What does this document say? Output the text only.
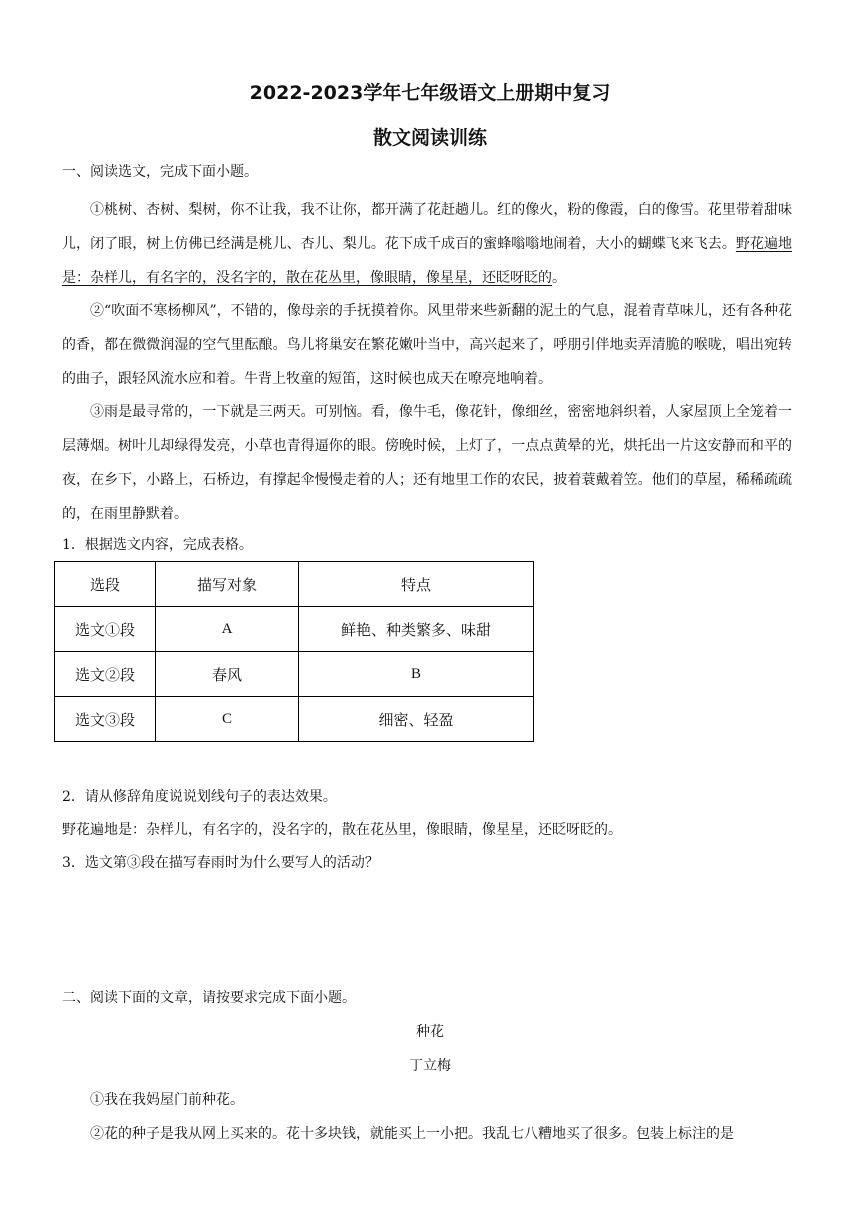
2022-2023学年七年级语文上册期中复习
散文阅读训练
一、阅读选文，完成下面小题。
①桃树、杏树、梨树，你不让我，我不让你，都开满了花赶趟儿。红的像火，粉的像霞，白的像雪。花里带着甜味儿，闭了眼，树上仿佛已经满是桃儿、杏儿、梨儿。花下成千成百的蜜蜂嗡嗡地闹着，大小的蝴蝶飞来飞去。野花遍地是：杂样儿，有名字的，没名字的，散在花丛里，像眼睛，像星星，还眨呀眨的。
②“吹面不寒杨柳风”，不错的，像母亲的手抚摸着你。风里带来些新翻的泥土的气息，混着青草味儿，还有各种花的香，都在微微润湿的空气里酝酿。鸟儿将巢安在繁花嫩叶当中，高兴起来了，呼朋引伴地卖弄清脆的喉咙，唱出宛转的曲子，跟轻风流水应和着。牛背上牧童的短笛，这时候也成天在嘹亮地响着。
③雨是最寻常的，一下就是三两天。可别恼。看，像牛毛，像花针，像细丝，密密地斜织着，人家屋顶上全笼着一层薄烟。树叶儿却绿得发亮，小草也青得逼你的眼。傍晚时候，上灯了，一点点黄晕的光，烘托出一片这安静而和平的夜，在乡下，小路上，石桥边，有撑起伞慢慢走着的人；还有地里工作的农民，披着蓑戴着笠。他们的草屋，稀稀疏疏的，在雨里静默着。
1．根据选文内容，完成表格。
选段	描写对象	特点
选文①段	A	鲜艳、种类繁多、味甜
选文②段	春风	B
选文③段	C	细密、轻盈
2．请从修辞角度说说划线句子的表达效果。
野花遍地是：杂样儿，有名字的，没名字的，散在花丛里，像眼睛，像星星，还眨呀眨的。
3．选文第③段在描写春雨时为什么要写人的活动？
二、阅读下面的文章，请按要求完成下面小题。
种花
丁立梅
①我在我妈屋门前种花。
②花的种子是我从网上买来的。花十多块钱，就能买上一小把。我乱七八糟地买了很多。包装上标注的是
